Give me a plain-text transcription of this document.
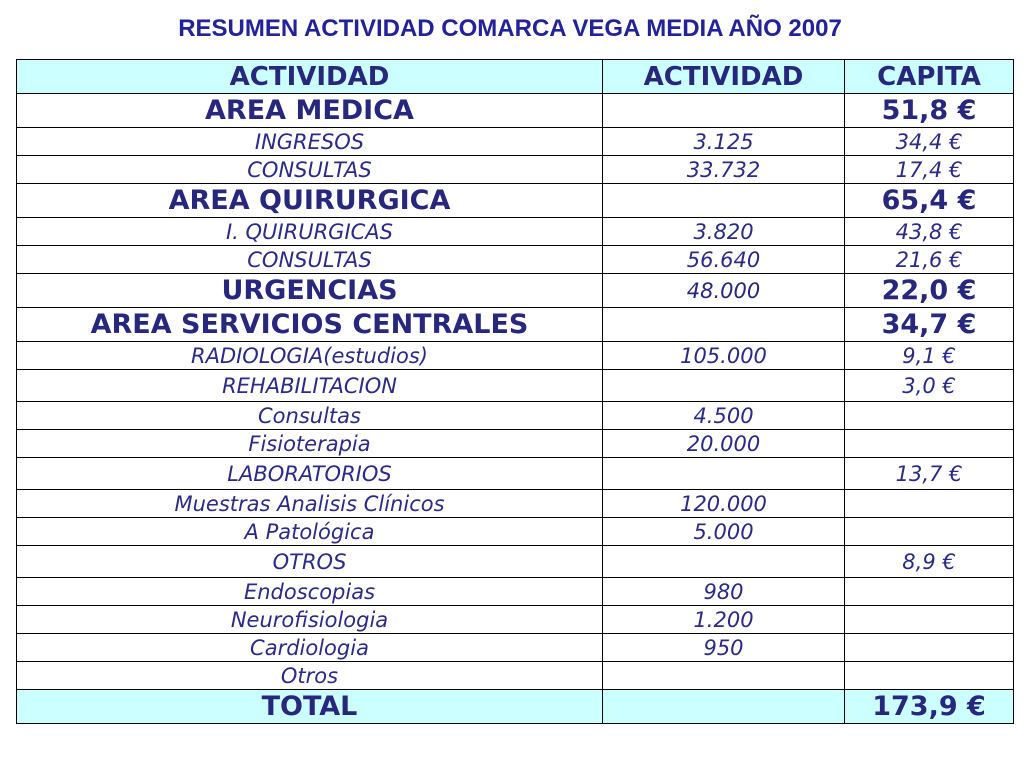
RESUMEN ACTIVIDAD COMARCA VEGA MEDIA AÑO 2007
ACTIVIDAD	ACTIVIDAD	CAPITA
AREA MEDICA		51,8 €
INGRESOS	3.125	34,4 €
CONSULTAS	33.732	17,4 €
AREA QUIRURGICA		65,4 €
I. QUIRURGICAS	3.820	43,8 €
CONSULTAS	56.640	21,6 €
URGENCIAS	48.000	22,0 €
AREA SERVICIOS CENTRALES		34,7 €
RADIOLOGIA(estudios)	105.000	9,1 €
REHABILITACION		3,0 €
Consultas	4.500	
Fisioterapia	20.000	
LABORATORIOS		13,7 €
Muestras Analisis Clínicos	120.000	
A Patológica	5.000	
OTROS		8,9 €
Endoscopias	980	
Neurofisiologia	1.200	
Cardiologia	950	
Otros		
TOTAL		173,9 €
